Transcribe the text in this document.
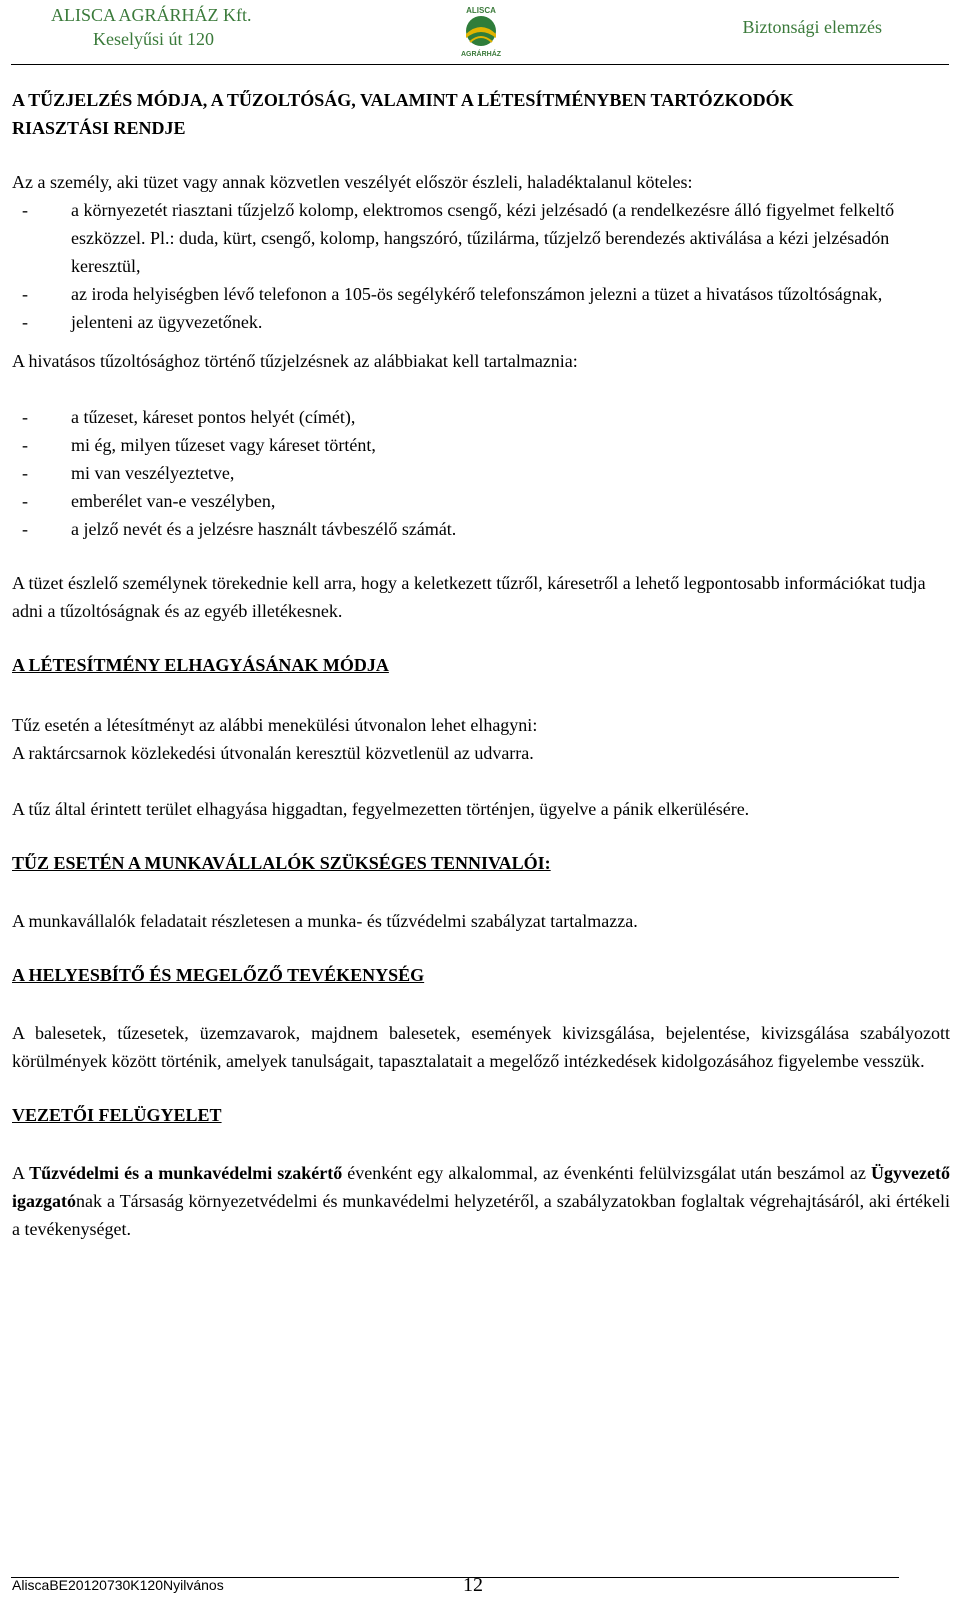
ALISCA AGRÁRHÁZ Kft.
Keselyűsi út 120
ALISCA
AGRÁRHÁZ
Biztonsági elemzés

A TŰZJELZÉS MÓDJA, A TŰZOLTÓSÁG, VALAMINT A LÉTESÍTMÉNYBEN TARTÓZKODÓK

RIASZTÁSI RENDJE

Az a személy, aki tüzet vagy annak közvetlen veszélyét először észleli, haladéktalanul köteles:

- a környezetét riasztani tűzjelző kolomp, elektromos csengő, kézi jelzésadó (a rendelkezésre álló figyelmet felkeltő eszközzel. Pl.: duda, kürt, csengő, kolomp, hangszóró, tűzilárma, tűzjelző berendezés aktiválása a kézi jelzésadón keresztül,

- az iroda helyiségben lévő telefonon a 105-ös segélykérő telefonszámon jelezni a tüzet a hivatásos tűzoltóságnak,

- jelenteni az ügyvezetőnek.

A hivatásos tűzoltósághoz történő tűzjelzésnek az alábbiakat kell tartalmaznia:

- a tűzeset, káreset pontos helyét (címét),

- mi ég, milyen tűzeset vagy káreset történt,

- mi van veszélyeztetve,

- emberélet van-e veszélyben,

- a jelző nevét és a jelzésre használt távbeszélő számát.

A tüzet észlelő személynek törekednie kell arra, hogy a keletkezett tűzről, káresetről a lehető legpontosabb információkat tudja adni a tűzoltóságnak és az egyéb illetékesnek.

A LÉTESÍTMÉNY ELHAGYÁSÁNAK MÓDJA

Tűz esetén a létesítményt az alábbi menekülési útvonalon lehet elhagyni:

A raktárcsarnok közlekedési útvonalán keresztül közvetlenül az udvarra.

A tűz által érintett terület elhagyása higgadtan, fegyelmezetten történjen, ügyelve a pánik elkerülésére.

TŰZ ESETÉN A MUNKAVÁLLALÓK SZÜKSÉGES TENNIVALÓI:

A munkavállalók feladatait részletesen a munka- és tűzvédelmi szabályzat tartalmazza.

A HELYESBÍTŐ ÉS MEGELŐZŐ TEVÉKENYSÉG

A balesetek, tűzesetek, üzemzavarok, majdnem balesetek, események kivizsgálása, bejelentése, kivizsgálása szabályozott körülmények között történik, amelyek tanulságait, tapasztalatait a megelőző intézkedések kidolgozásához figyelembe vesszük.

VEZETŐI FELÜGYELET

A Tűzvédelmi és a munkavédelmi szakértő évenként egy alkalommal, az évenkénti felülvizsgálat után beszámol az Ügyvezető igazgatónak a Társaság környezetvédelmi és munkavédelmi helyzetéről, a szabályzatokban foglaltak végrehajtásáról, aki értékeli a tevékenységet.

AliscaBE20120730K120Nyilvános	12
